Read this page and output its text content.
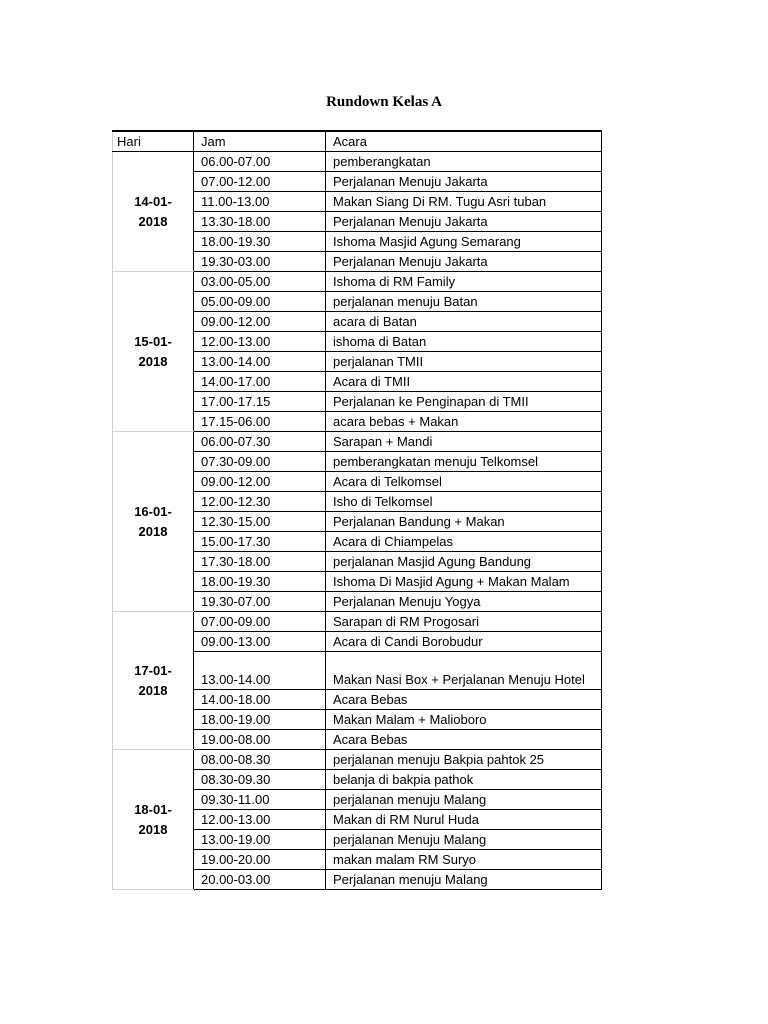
Rundown Kelas A
Hari	Jam	Acara
14-01-2018	06.00-07.00	pemberangkatan
	07.00-12.00	Perjalanan Menuju Jakarta
	11.00-13.00	Makan Siang Di RM. Tugu Asri tuban
	13.30-18.00	Perjalanan Menuju Jakarta
	18.00-19.30	Ishoma Masjid Agung Semarang
	19.30-03.00	Perjalanan Menuju Jakarta
15-01-2018	03.00-05.00	Ishoma di RM Family
	05.00-09.00	perjalanan menuju Batan
	09.00-12.00	acara di Batan
	12.00-13.00	ishoma di Batan
	13.00-14.00	perjalanan TMII
	14.00-17.00	Acara di TMII
	17.00-17.15	Perjalanan ke Penginapan di TMII
	17.15-06.00	acara bebas + Makan
16-01-2018	06.00-07.30	Sarapan + Mandi
	07.30-09.00	pemberangkatan menuju Telkomsel
	09.00-12.00	Acara di Telkomsel
	12.00-12.30	Isho di Telkomsel
	12.30-15.00	Perjalanan Bandung + Makan
	15.00-17.30	Acara di Chiampelas
	17.30-18.00	perjalanan Masjid Agung Bandung
	18.00-19.30	Ishoma Di Masjid Agung + Makan Malam
	19.30-07.00	Perjalanan Menuju Yogya
17-01-2018	07.00-09.00	Sarapan di RM Progosari
	09.00-13.00	Acara di Candi Borobudur
	13.00-14.00	Makan Nasi Box + Perjalanan Menuju Hotel
	14.00-18.00	Acara Bebas
	18.00-19.00	Makan Malam + Malioboro
	19.00-08.00	Acara Bebas
18-01-2018	08.00-08.30	perjalanan menuju Bakpia pahtok 25
	08.30-09.30	belanja di bakpia pathok
	09.30-11.00	perjalanan menuju Malang
	12.00-13.00	Makan di RM Nurul Huda
	13.00-19.00	perjalanan Menuju Malang
	19.00-20.00	makan malam RM Suryo
	20.00-03.00	Perjalanan menuju Malang
